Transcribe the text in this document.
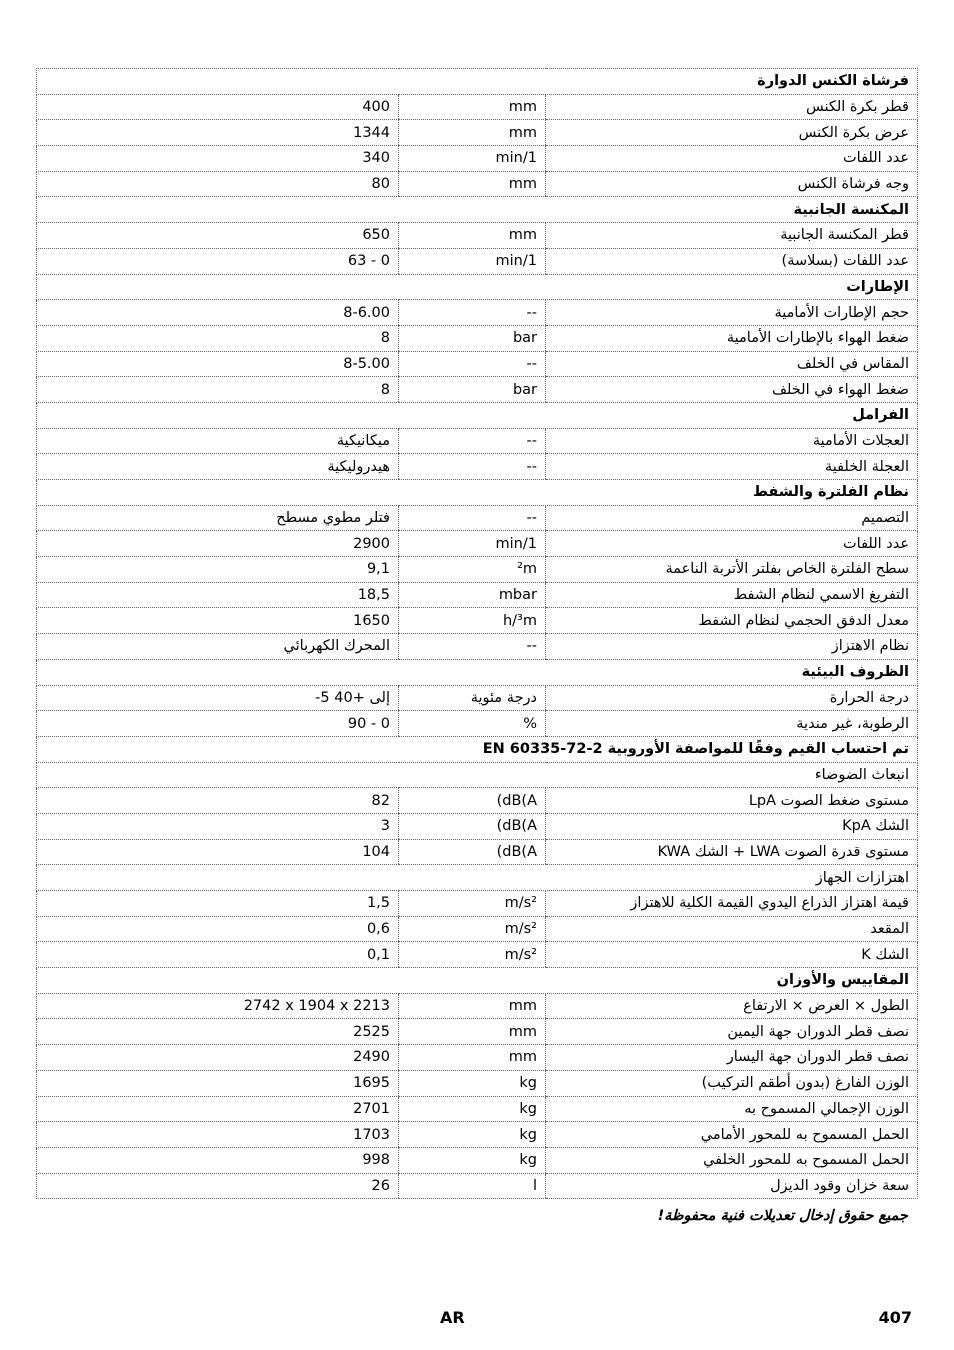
فرشاة الكنس الدوارة		
400	mm	قطر بكرة الكنس
1344	mm	عرض بكرة الكنس
340	min/1	عدد اللفات
80	mm	وجه فرشاة الكنس
المكنسة الجانبية		
650	mm	قطر المكنسة الجانبية
63 - 0	min/1	عدد اللفات (بسلاسة)
الإطارات		
8-6.00	--	حجم الإطارات الأمامية
8	bar	ضغط الهواء بالإطارات الأمامية
8-5.00	--	المقاس في الخلف
8	bar	ضغط الهواء في الخلف
الفرامل		
ميكانيكية	--	العجلات الأمامية
هيدروليكية	--	العجلة الخلفية
نظام الفلترة والشفط		
فتلر مطوي مسطح	--	التصميم
2900	min/1	عدد اللفات
9,1	²m	سطح الفلترة الخاص بفلتر الأتربة الناعمة
18,5	mbar	التفريغ الاسمي لنظام الشفط
1650	h/³m	معدل الدفق الحجمي لنظام الشفط
المحرك الكهربائي	--	نظام الاهتزاز
الظروف البيئية		
-5 إلى +40	درجة مئوية	درجة الحرارة
90 - 0	%	الرطوبة، غير مندية
تم احتساب القيم وفقًا للمواصفة الأوروبية EN 60335-72-2		
انبعاث الضوضاء		
82	(dB(A	مستوى ضغط الصوت LpA
3	(dB(A	الشك KpA
104	(dB(A	مستوى قدرة الصوت LWA + الشك KWA
اهتزازات الجهاز		
1,5	m/s²	قيمة اهتزاز الذراع اليدوي القيمة الكلية للاهتزاز
0,6	m/s²	المقعد
0,1	m/s²	الشك K
المقاييس والأوزان		
2742 x 1904 x 2213	mm	الطول × العرض × الارتفاع
2525	mm	نصف قطر الدوران جهة اليمين
2490	mm	نصف قطر الدوران جهة اليسار
1695	kg	الوزن الفارغ (بدون أطقم التركيب)
2701	kg	الوزن الإجمالي المسموح به
1703	kg	الحمل المسموح به للمحور الأمامي
998	kg	الحمل المسموح به للمحور الخلفي
26	l	سعة خزان وقود الديزل
جميع حقوق إدخال تعديلات فنية محفوظة!
AR	407
